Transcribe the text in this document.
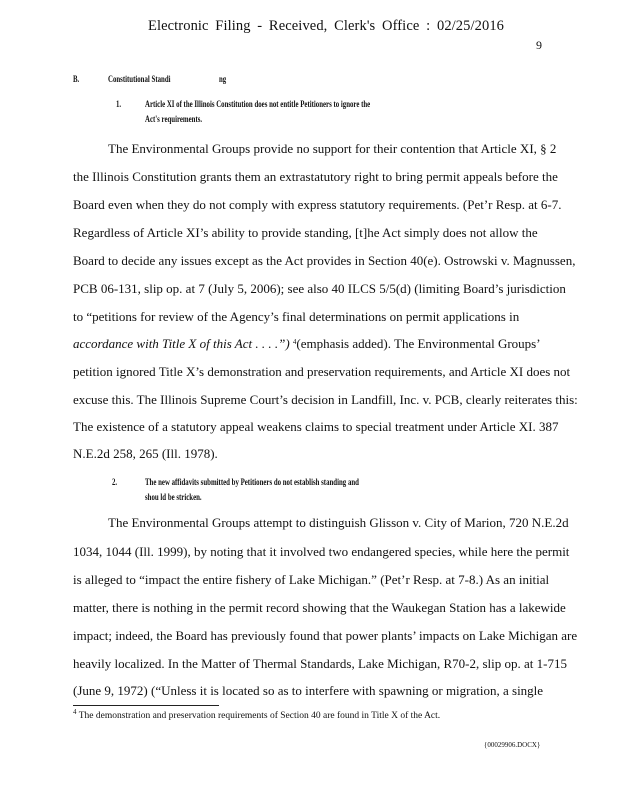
Electronic Filing - Received, Clerk's Office : 02/25/2016
9
B.	Constitutional Standi	ng
1.	Article XI of the Illinois Constitution does not entitle Petitioners to ignore the
Act's requirements.
The Environmental Groups provide no support for their contention that Article XI, § 2
the Illinois Constitution grants them an extrastatutory right to bring permit appeals before the
Board even when they do not comply with express statutory requirements. (Pet’r Resp. at 6-7.
Regardless of Article XI’s ability to provide standing, [t]he Act simply does not allow the
Board to decide any issues except as the Act provides in Section 40(e). Ostrowski v. Magnussen,
PCB 06-131, slip op. at 7 (July 5, 2006); see also 40 ILCS 5/5(d) (limiting Board’s jurisdiction
to “petitions for review of the Agency’s final determinations on permit applications in
accordance with Title X of this Act . . . .”) $^4$(emphasis added). The Environmental Groups’
petition ignored Title X’s demonstration and preservation requirements, and Article XI does not
excuse this. The Illinois Supreme Court’s decision in Landfill, Inc. v. PCB, clearly reiterates this:
The existence of a statutory appeal weakens claims to special treatment under Article XI. 387
N.E.2d 258, 265 (Ill. 1978).
2.	The new affidavits submitted by Petitioners do not establish standing and
shou ld be stricken.
The Environmental Groups attempt to distinguish Glisson v. City of Marion, 720 N.E.2d
1034, 1044 (Ill. 1999), by noting that it involved two endangered species, while here the permit
is alleged to “impact the entire fishery of Lake Michigan.” (Pet’r Resp. at 7-8.) As an initial
matter, there is nothing in the permit record showing that the Waukegan Station has a lakewide
impact; indeed, the Board has previously found that power plants’ impacts on Lake Michigan are
heavily localized. In the Matter of Thermal Standards, Lake Michigan, R70-2, slip op. at 1-715
(June 9, 1972) (“Unless it is located so as to interfere with spawning or migration, a single
$^4$ The demonstration and preservation requirements of Section 40 are found in Title X of the Act.
{00029906.DOCX}
